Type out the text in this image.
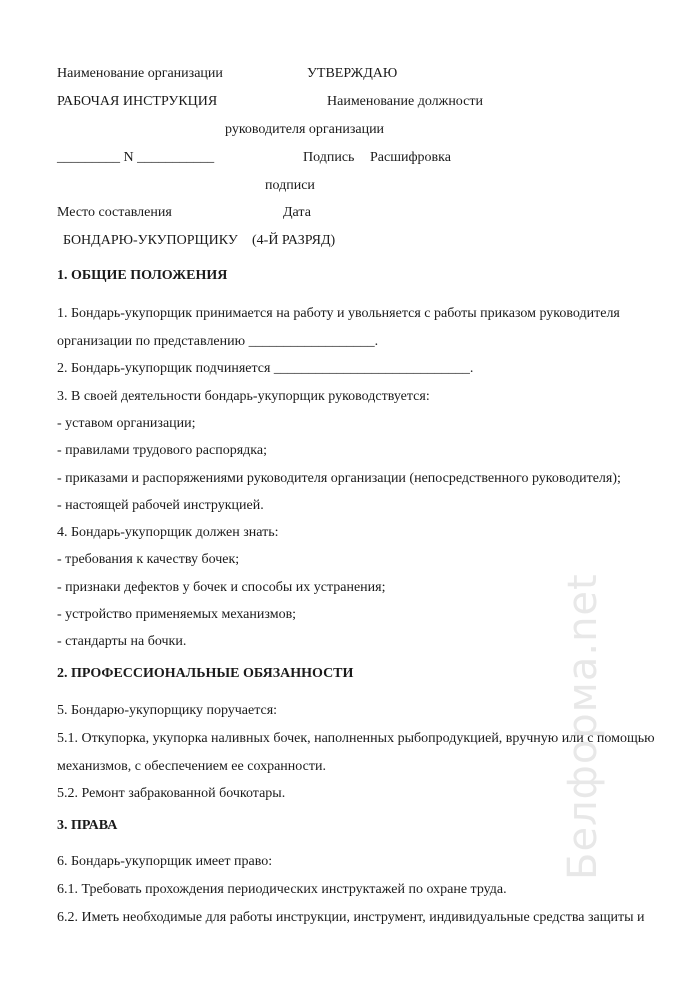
Наименование организации	УТВЕРЖДАЮ
РАБОЧАЯ ИНСТРУКЦИЯ	Наименование должности
руководителя организации
_________ N ___________	Подпись Расшифровка
подписи
Место составления	Дата
БОНДАРЮ-УКУПОРЩИКУ (4-Й РАЗРЯД)
1. ОБЩИЕ ПОЛОЖЕНИЯ
1. Бондарь-укупорщик принимается на работу и увольняется с работы приказом руководителя
организации по представлению __________________.
2. Бондарь-укупорщик подчиняется ____________________________.
3. В своей деятельности бондарь-укупорщик руководствуется:
- уставом организации;
- правилами трудового распорядка;
- приказами и распоряжениями руководителя организации (непосредственного руководителя);
- настоящей рабочей инструкцией.
4. Бондарь-укупорщик должен знать:
- требования к качеству бочек;
- признаки дефектов у бочек и способы их устранения;
- устройство применяемых механизмов;
- стандарты на бочки.
2. ПРОФЕССИОНАЛЬНЫЕ ОБЯЗАННОСТИ
5. Бондарю-укупорщику поручается:
5.1. Откупорка, укупорка наливных бочек, наполненных рыбопродукцией, вручную или с помощью
механизмов, с обеспечением ее сохранности.
5.2. Ремонт забракованной бочкотары.
3. ПРАВА
6. Бондарь-укупорщик имеет право:
6.1. Требовать прохождения периодических инструктажей по охране труда.
6.2. Иметь необходимые для работы инструкции, инструмент, индивидуальные средства защиты и
Белформа.net
